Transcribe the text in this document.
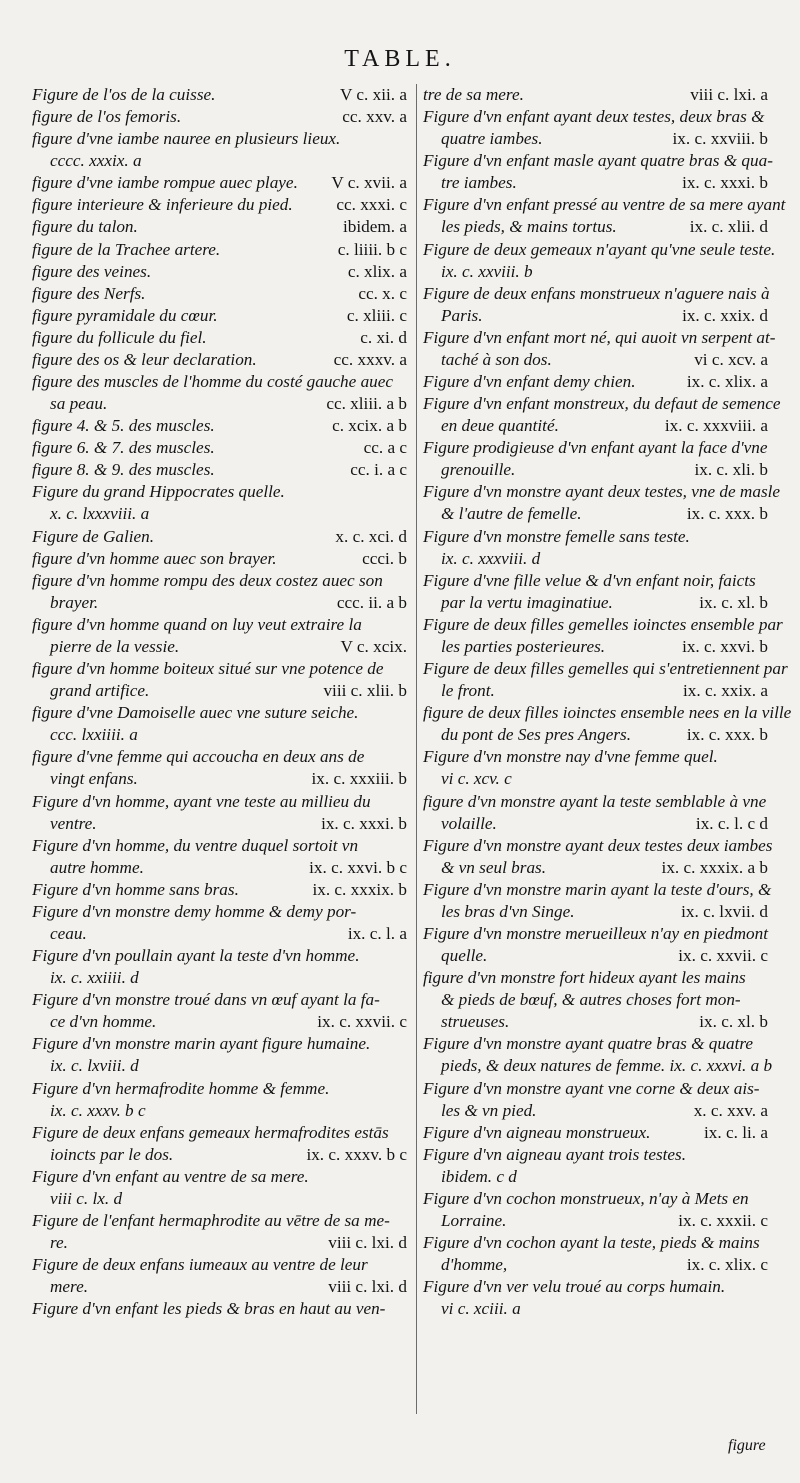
TABLE.
Figure de l'os de la cuisse.	V c. xii. a
figure de l'os femoris.	cc. xxv. a
figure d'vne iambe nauree en plusieurs lieux.
cccc. xxxix. a
figure d'vne iambe rompue auec playe. V c. xvii. a
figure interieure & inferieure du pied.	cc. xxxi. c
figure du talon.	ibidem. a
figure de la Trachee artere.	c. liiii. b c
figure des veines.	c. xlix. a
figure des Nerfs.	cc. x. c
figure pyramidale du cœur.	c. xliii. c
figure du follicule du fiel.	c. xi. d
figure des os & leur declaration.	cc. xxxv. a
figure des muscles de l'homme du costé gauche auec
sa peau.	cc. xliii. a b
figure 4. & 5. des muscles.	c. xcix. a b
figure 6. & 7. des muscles.	cc. a c
figure 8. & 9. des muscles.	cc. i. a c
Figure du grand Hippocrates quelle.
x. c. lxxxviii. a
Figure de Galien.	x. c. xci. d
figure d'vn homme auec son brayer.	ccci. b
figure d'vn homme rompu des deux costez auec son
brayer.	ccc. ii. a b
figure d'vn homme quand on luy veut extraire la
pierre de la vessie.	V c. xcix.
figure d'vn homme boiteux situé sur vne potence de
grand artifice.	viii c. xlii. b
figure d'vne Damoiselle auec vne suture seiche.
ccc. lxxiiii. a
figure d'vne femme qui accoucha en deux ans de
vingt enfans.	ix. c. xxxiii. b
Figure d'vn homme, ayant vne teste au millieu du
ventre.	ix. c. xxxi. b
Figure d'vn homme, du ventre duquel sortoit vn
autre homme.	ix. c. xxvi. b c
Figure d'vn homme sans bras.	ix. c. xxxix. b
Figure d'vn monstre demy homme & demy por-
ceau.	ix. c. l. a
Figure d'vn poullain ayant la teste d'vn homme.
ix. c. xxiiii. d
Figure d'vn monstre troué dans vn œuf ayant la fa-
ce d'vn homme.	ix. c. xxvii. c
Figure d'vn monstre marin ayant figure humaine.
ix. c. lxviii. d
Figure d'vn hermafrodite homme & femme.
ix. c. xxxv. b c
Figure de deux enfans gemeaux hermafrodites estās
ioincts par le dos.	ix. c. xxxv. b c
Figure d'vn enfant au ventre de sa mere.
viii c. lx. d
Figure de l'enfant hermaphrodite au vētre de sa me-
re.	viii c. lxi. d
Figure de deux enfans iumeaux au ventre de leur
mere.	viii c. lxi. d
Figure d'vn enfant les pieds & bras en haut au ven-
tre de sa mere.	viii c. lxi. a
Figure d'vn enfant ayant deux testes, deux bras &
quatre iambes.	ix. c. xxviii. b
Figure d'vn enfant masle ayant quatre bras & qua-
tre iambes.	ix. c. xxxi. b
Figure d'vn enfant pressé au ventre de sa mere ayant
les pieds, & mains tortus.	ix. c. xlii. d
Figure de deux gemeaux n'ayant qu'vne seule teste.
ix. c. xxviii. b
Figure de deux enfans monstrueux n'aguere nais à
Paris.	ix. c. xxix. d
Figure d'vn enfant mort né, qui auoit vn serpent at-
taché à son dos.	vi c. xcv. a
Figure d'vn enfant demy chien.	ix. c. xlix. a
Figure d'vn enfant monstreux, du defaut de semence
en deue quantité.	ix. c. xxxviii. a
Figure prodigieuse d'vn enfant ayant la face d'vne
grenouille.	ix. c. xli. b
Figure d'vn monstre ayant deux testes, vne de masle
& l'autre de femelle.	ix. c. xxx. b
Figure d'vn monstre femelle sans teste.
ix. c. xxxviii. d
Figure d'vne fille velue & d'vn enfant noir, faicts
par la vertu imaginatiue.	ix. c. xl. b
Figure de deux filles gemelles ioinctes ensemble par
les parties posterieures.	ix. c. xxvi. b
Figure de deux filles gemelles qui s'entretiennent par
le front.	ix. c. xxix. a
figure de deux filles ioinctes ensemble nees en la ville
du pont de Ses pres Angers.	ix. c. xxx. b
Figure d'vn monstre nay d'vne femme quel.
vi c. xcv. c
figure d'vn monstre ayant la teste semblable à vne
volaille.	ix. c. l. c d
Figure d'vn monstre ayant deux testes deux iambes
& vn seul bras.	ix. c. xxxix. a b
Figure d'vn monstre marin ayant la teste d'ours, &
les bras d'vn Singe.	ix. c. lxvii. d
Figure d'vn monstre merueilleux n'ay en piedmont
quelle.	ix. c. xxvii. c
figure d'vn monstre fort hideux ayant les mains
& pieds de bœuf, & autres choses fort mon-
strueuses.	ix. c. xl. b
Figure d'vn monstre ayant quatre bras & quatre
pieds, & deux natures de femme. ix. c. xxxvi. a b
Figure d'vn monstre ayant vne corne & deux ais-
les & vn pied.	x. c. xxv. a
Figure d'vn aigneau monstrueux.	ix. c. li. a
Figure d'vn aigneau ayant trois testes.
ibidem. c d
Figure d'vn cochon monstrueux, n'ay à Mets en
Lorraine.	ix. c. xxxii. c
Figure d'vn cochon ayant la teste, pieds & mains
d'homme,	ix. c. xlix. c
Figure d'vn ver velu troué au corps humain.
vi c. xciii. a
figure
